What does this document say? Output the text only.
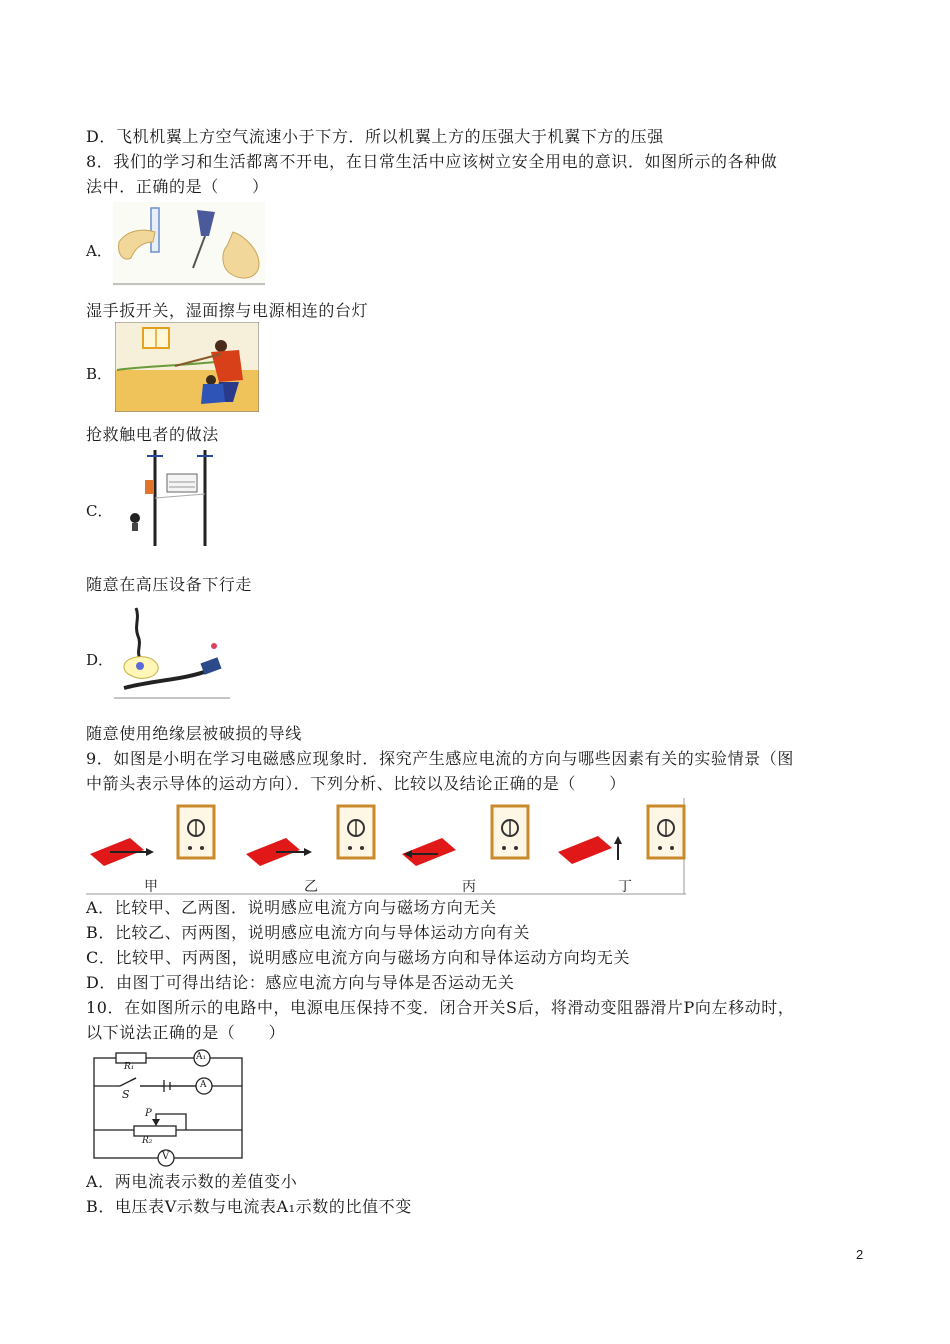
D．飞机机翼上方空气流速小于下方．所以机翼上方的压强大于机翼下方的压强
8．我们的学习和生活都离不开电，在日常生活中应该树立安全用电的意识．如图所示的各种做
法中．正确的是（　　）
A．
湿手扳开关，湿面擦与电源相连的台灯
B．
抢救触电者的做法
C．
随意在高压设备下行走
D．
随意使用绝缘层被破损的导线
9．如图是小明在学习电磁感应现象时．探究产生感应电流的方向与哪些因素有关的实验情景（图
中箭头表示导体的运动方向）．下列分析、比较以及结论正确的是（　　）
甲	乙	丙	丁
A．比较甲、乙两图．说明感应电流方向与磁场方向无关
B．比较乙、丙两图，说明感应电流方向与导体运动方向有关
C．比较甲、丙两图，说明感应电流方向与磁场方向和导体运动方向均无关
D．由图丁可得出结论：感应电流方向与导体是否运动无关
10．在如图所示的电路中，电源电压保持不变．闭合开关S后，将滑动变阻器滑片P向左移动时，
以下说法正确的是（　　）
R₁
A₁
S
A
P
R₂
V
A．两电流表示数的差值变小
B．电压表V示数与电流表A₁示数的比值不变
2
